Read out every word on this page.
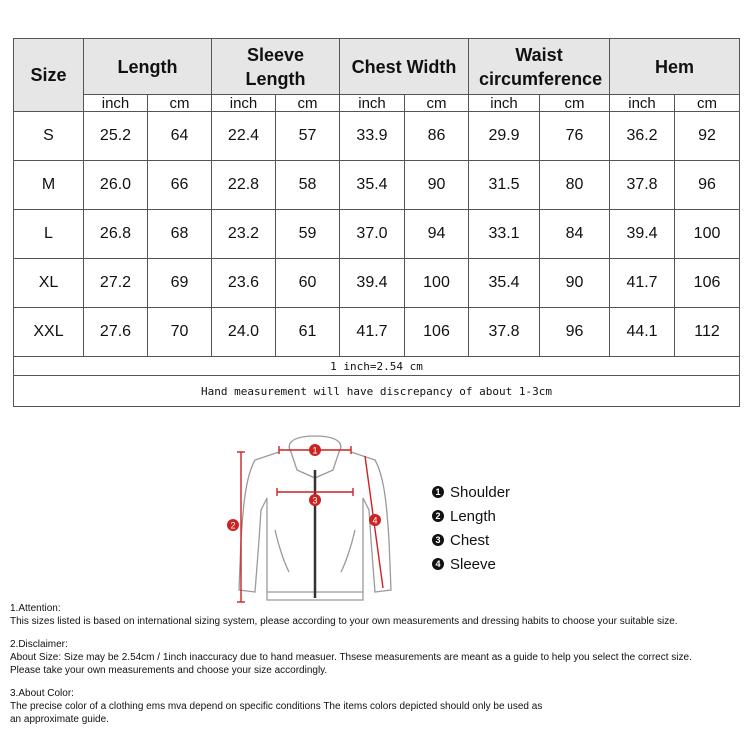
Size	Length		Sleeve Length		Chest Width		Waist circumference		Hem	
	inch	cm	inch	cm	inch	cm	inch	cm	inch	cm
S	25.2	64	22.4	57	33.9	86	29.9	76	36.2	92
M	26.0	66	22.8	58	35.4	90	31.5	80	37.8	96
L	26.8	68	23.2	59	37.0	94	33.1	84	39.4	100
XL	27.2	69	23.6	60	39.4	100	35.4	90	41.7	106
XXL	27.6	70	24.0	61	41.7	106	37.8	96	44.1	112
1 inch=2.54 cm										
Hand measurement will have discrepancy of about 1-3cm										
1
3
2	4
1 Shoulder
2 Length
3 Chest
4 Sleeve

1.Attention:

This sizes listed is based on international sizing system, please according to your own measurements and dressing habits to choose your suitable size.

2.Disclaimer:

About Size: Size may be 2.54cm / 1inch inaccuracy due to hand measuer. Thsese measurements are meant as a guide to help you select the correct size.

Please take your own measurements and choose your size accordingly.

3.About Color:

The precise color of a clothing ems mva depend on specific conditions The items colors depicted should only be used as

an approximate guide.
